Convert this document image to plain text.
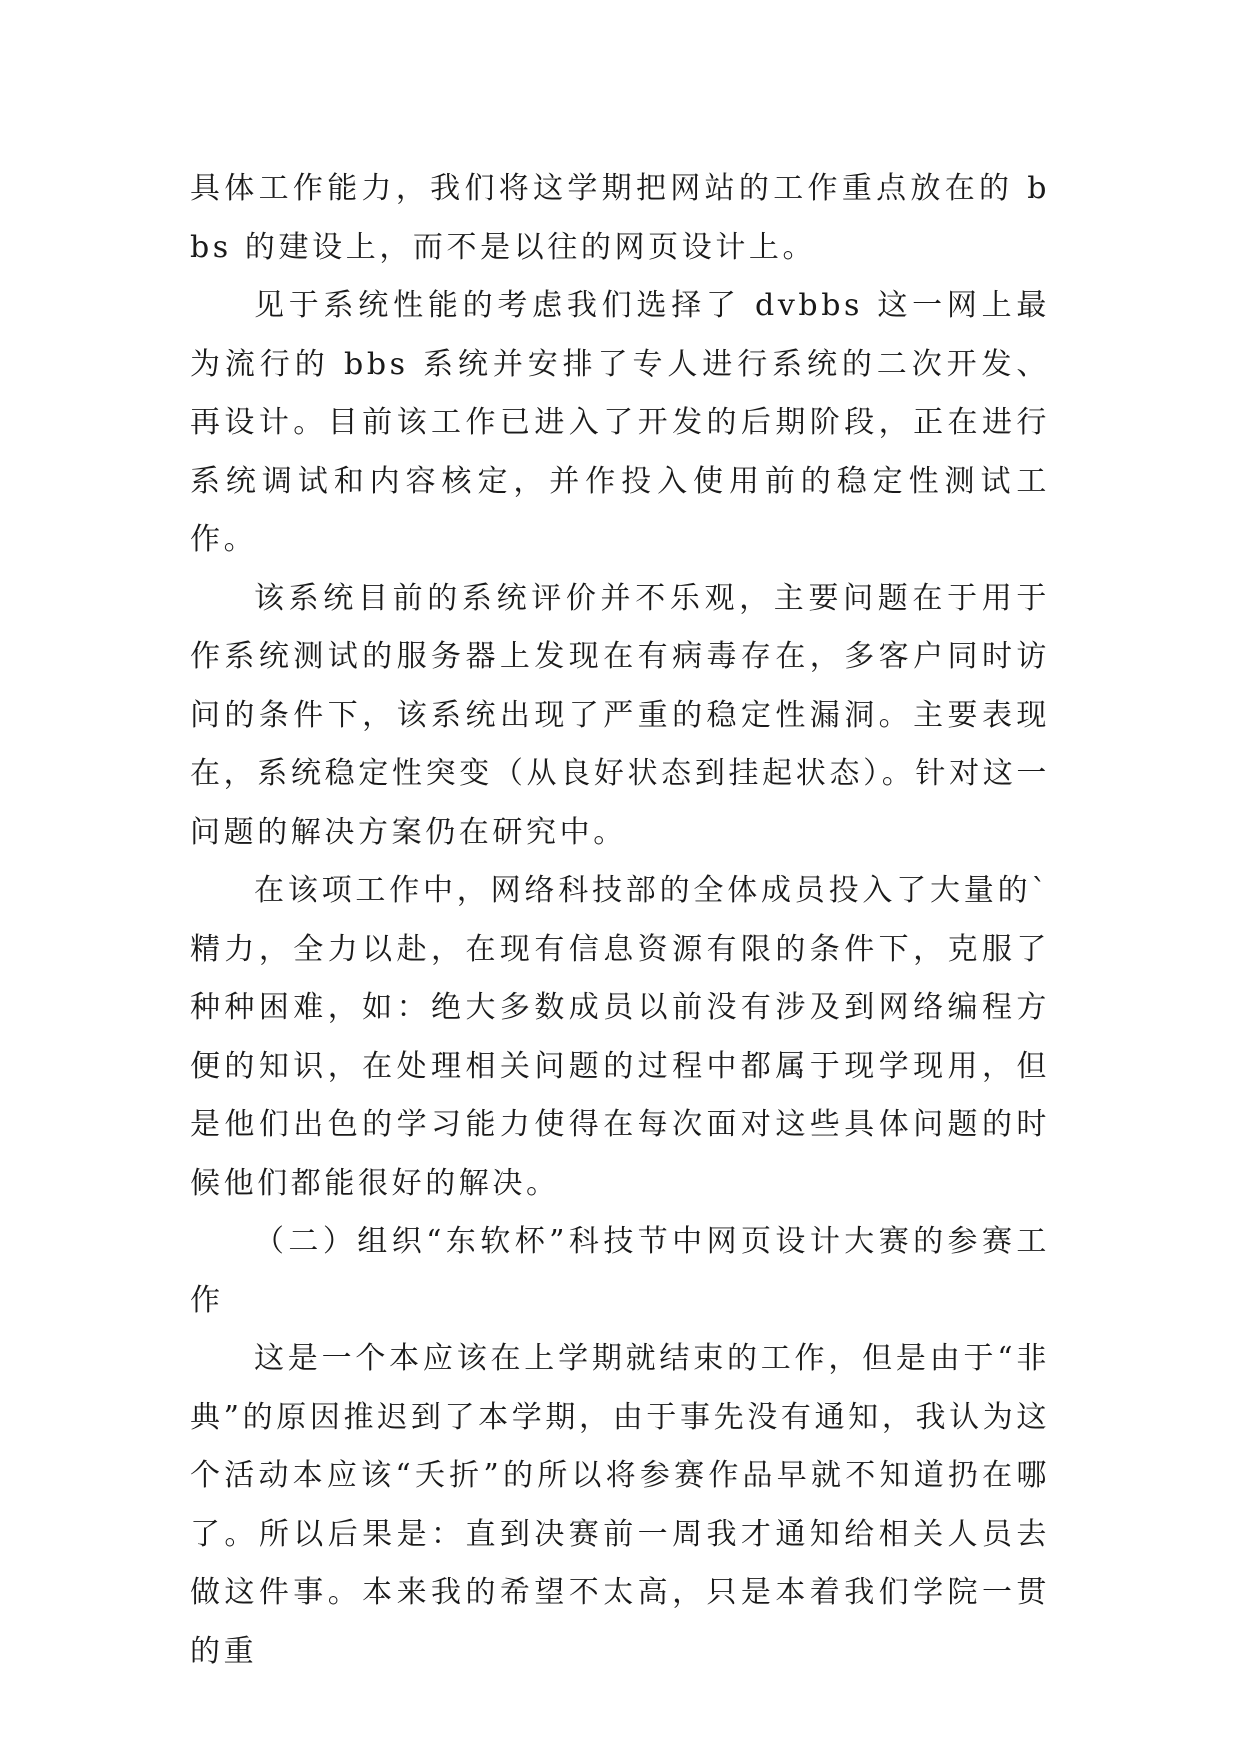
具体工作能力，我们将这学期把网站的工作重点放在的 bbs 的建设上，而不是以往的网页设计上。

见于系统性能的考虑我们选择了 dvbbs 这一网上最为流行的 bbs 系统并安排了专人进行系统的二次开发、再设计。目前该工作已进入了开发的后期阶段，正在进行系统调试和内容核定，并作投入使用前的稳定性测试工作。

该系统目前的系统评价并不乐观，主要问题在于用于作系统测试的服务器上发现在有病毒存在，多客户同时访问的条件下，该系统出现了严重的稳定性漏洞。主要表现在，系统稳定性突变（从良好状态到挂起状态）。针对这一问题的解决方案仍在研究中。

在该项工作中，网络科技部的全体成员投入了大量的`精力，全力以赴，在现有信息资源有限的条件下，克服了种种困难，如：绝大多数成员以前没有涉及到网络编程方便的知识，在处理相关问题的过程中都属于现学现用，但是他们出色的学习能力使得在每次面对这些具体问题的时候他们都能很好的解决。

（二）组织“东软杯”科技节中网页设计大赛的参赛工作

这是一个本应该在上学期就结束的工作，但是由于“非典”的原因推迟到了本学期，由于事先没有通知，我认为这个活动本应该“夭折”的所以将参赛作品早就不知道扔在哪了。所以后果是：直到决赛前一周我才通知给相关人员去做这件事。本来我的希望不太高，只是本着我们学院一贯的重
